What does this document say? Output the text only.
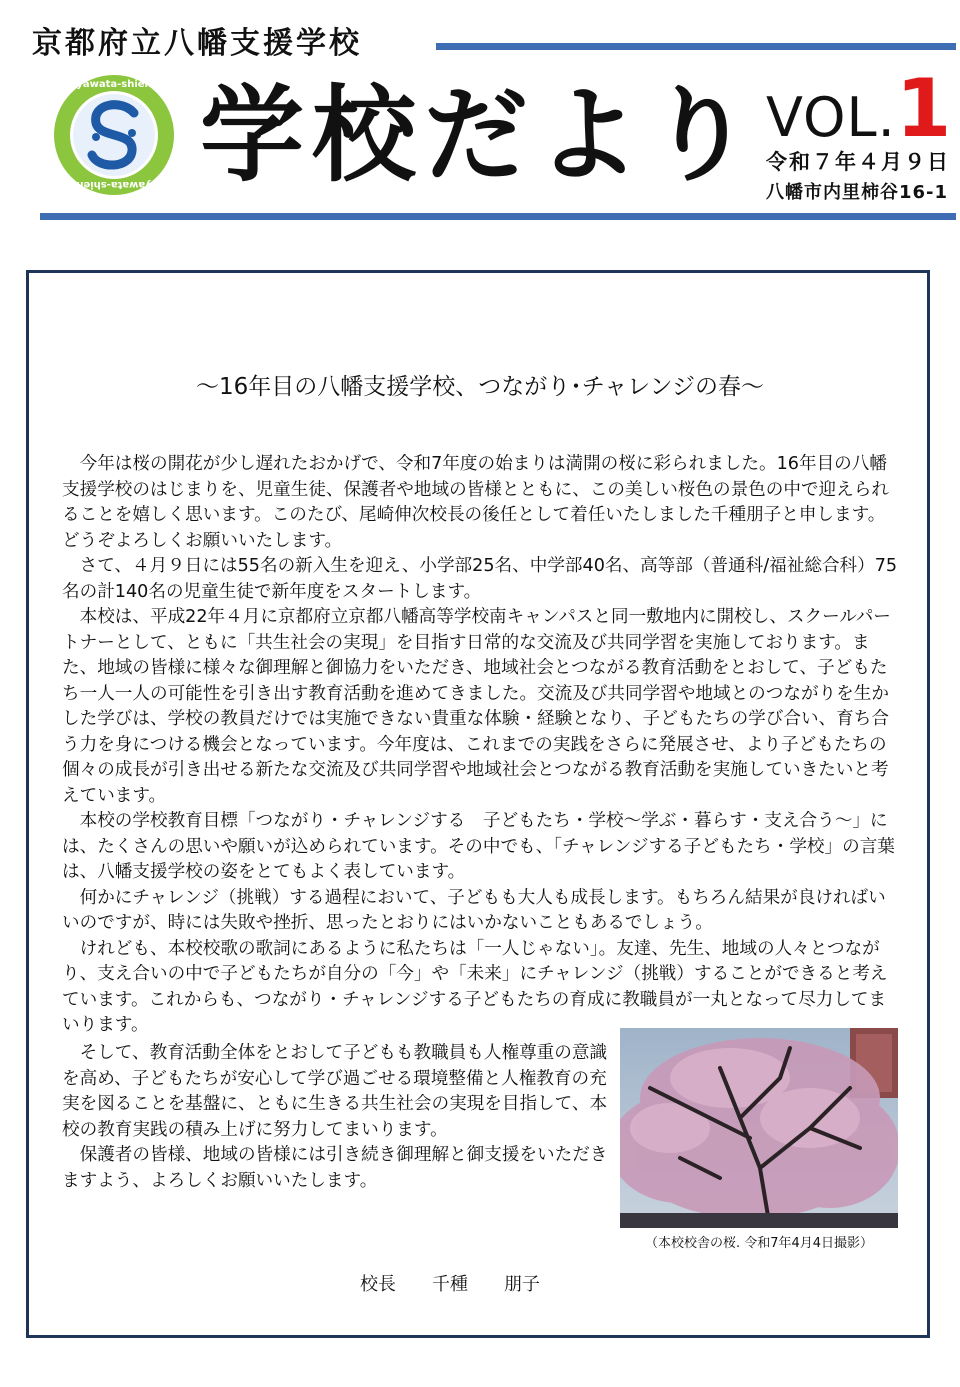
京都府立八幡支援学校
yawata-shien
yawata-shien 学校だより VOL.1
令和７年４月９日
八幡市内里柿谷16-1
～16年目の八幡支援学校、つながり･チャレンジの春～

今年は桜の開花が少し遅れたおかげで、令和7年度の始まりは満開の桜に彩られました。16年目の八幡支援学校のはじまりを、児童生徒、保護者や地域の皆様とともに、この美しい桜色の景色の中で迎えられることを嬉しく思います。このたび、尾崎伸次校長の後任として着任いたしました千種朋子と申します。どうぞよろしくお願いいたします。

さて、４月９日には55名の新入生を迎え、小学部25名、中学部40名、高等部（普通科/福祉総合科）75名の計140名の児童生徒で新年度をスタートします。

本校は、平成22年４月に京都府立京都八幡高等学校南キャンパスと同一敷地内に開校し、スクールパートナーとして、ともに「共生社会の実現」を目指す日常的な交流及び共同学習を実施しております。また、地域の皆様に様々な御理解と御協力をいただき、地域社会とつながる教育活動をとおして、子どもたち一人一人の可能性を引き出す教育活動を進めてきました。交流及び共同学習や地域とのつながりを生かした学びは、学校の教員だけでは実施できない貴重な体験・経験となり、子どもたちの学び合い、育ち合う力を身につける機会となっています。今年度は、これまでの実践をさらに発展させ、より子どもたちの個々の成長が引き出せる新たな交流及び共同学習や地域社会とつながる教育活動を実施していきたいと考えています。

本校の学校教育目標「つながり・チャレンジする　子どもたち・学校～学ぶ・暮らす・支え合う～」には、たくさんの思いや願いが込められています。その中でも、「チャレンジする子どもたち・学校」の言葉は、八幡支援学校の姿をとてもよく表しています。

何かにチャレンジ（挑戦）する過程において、子どもも大人も成長します。もちろん結果が良ければいいのですが、時には失敗や挫折、思ったとおりにはいかないこともあるでしょう。

けれども、本校校歌の歌詞にあるように私たちは「一人じゃない」。友達、先生、地域の人々とつながり、支え合いの中で子どもたちが自分の「今」や「未来」にチャレンジ（挑戦）することができると考えています。これからも、つながり・チャレンジする子どもたちの育成に教職員が一丸となって尽力してまいります。

そして、教育活動全体をとおして子どもも教職員も人権尊重の意識を高め、子どもたちが安心して学び過ごせる環境整備と人権教育の充実を図ることを基盤に、ともに生きる共生社会の実現を目指して、本校の教育実践の積み上げに努力してまいります。

保護者の皆様、地域の皆様には引き続き御理解と御支援をいただきますよう、よろしくお願いいたします。

（本校校舎の桜. 令和7年4月4日撮影）
校長　　千種　　朋子
